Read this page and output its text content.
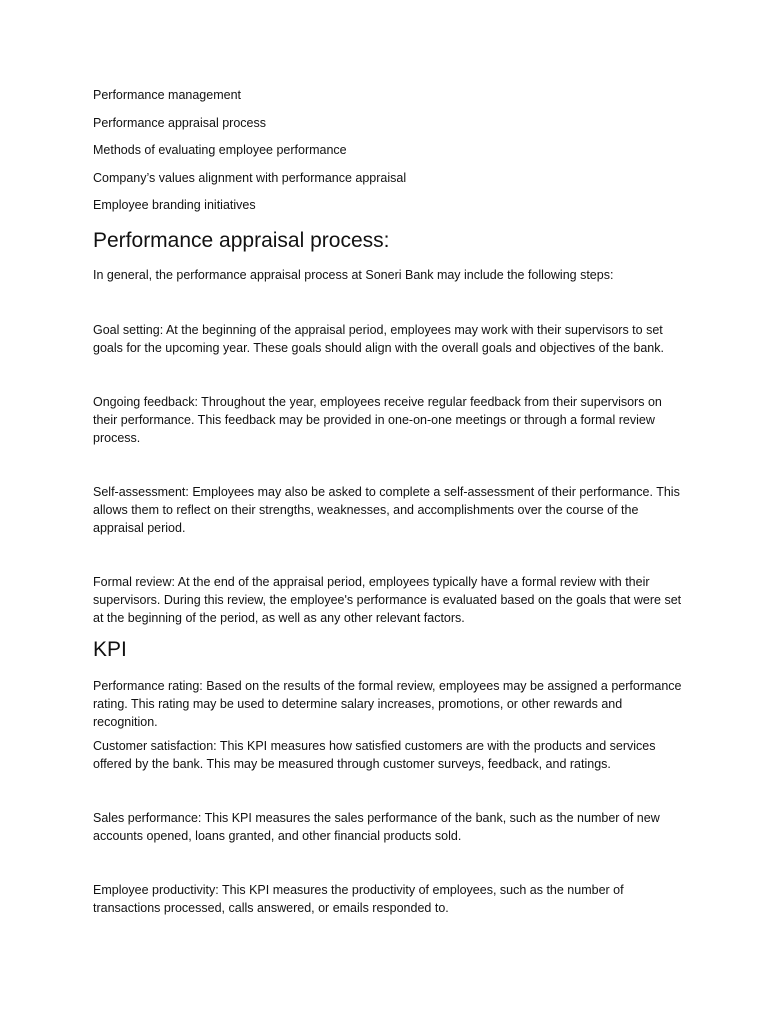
Performance management
Performance appraisal process
Methods of evaluating employee performance
Company’s values alignment with performance appraisal
Employee branding initiatives
Performance appraisal process:

In general, the performance appraisal process at Soneri Bank may include the following steps:

Goal setting: At the beginning of the appraisal period, employees may work with their supervisors to set goals for the upcoming year. These goals should align with the overall goals and objectives of the bank.

Ongoing feedback: Throughout the year, employees receive regular feedback from their supervisors on their performance. This feedback may be provided in one-on-one meetings or through a formal review process.

Self-assessment: Employees may also be asked to complete a self-assessment of their performance. This allows them to reflect on their strengths, weaknesses, and accomplishments over the course of the appraisal period.

Formal review: At the end of the appraisal period, employees typically have a formal review with their supervisors. During this review, the employee's performance is evaluated based on the goals that were set at the beginning of the period, as well as any other relevant factors.

KPI

Performance rating: Based on the results of the formal review, employees may be assigned a performance rating. This rating may be used to determine salary increases, promotions, or other rewards and recognition.

Customer satisfaction: This KPI measures how satisfied customers are with the products and services offered by the bank. This may be measured through customer surveys, feedback, and ratings.

Sales performance: This KPI measures the sales performance of the bank, such as the number of new accounts opened, loans granted, and other financial products sold.

Employee productivity: This KPI measures the productivity of employees, such as the number of transactions processed, calls answered, or emails responded to.
